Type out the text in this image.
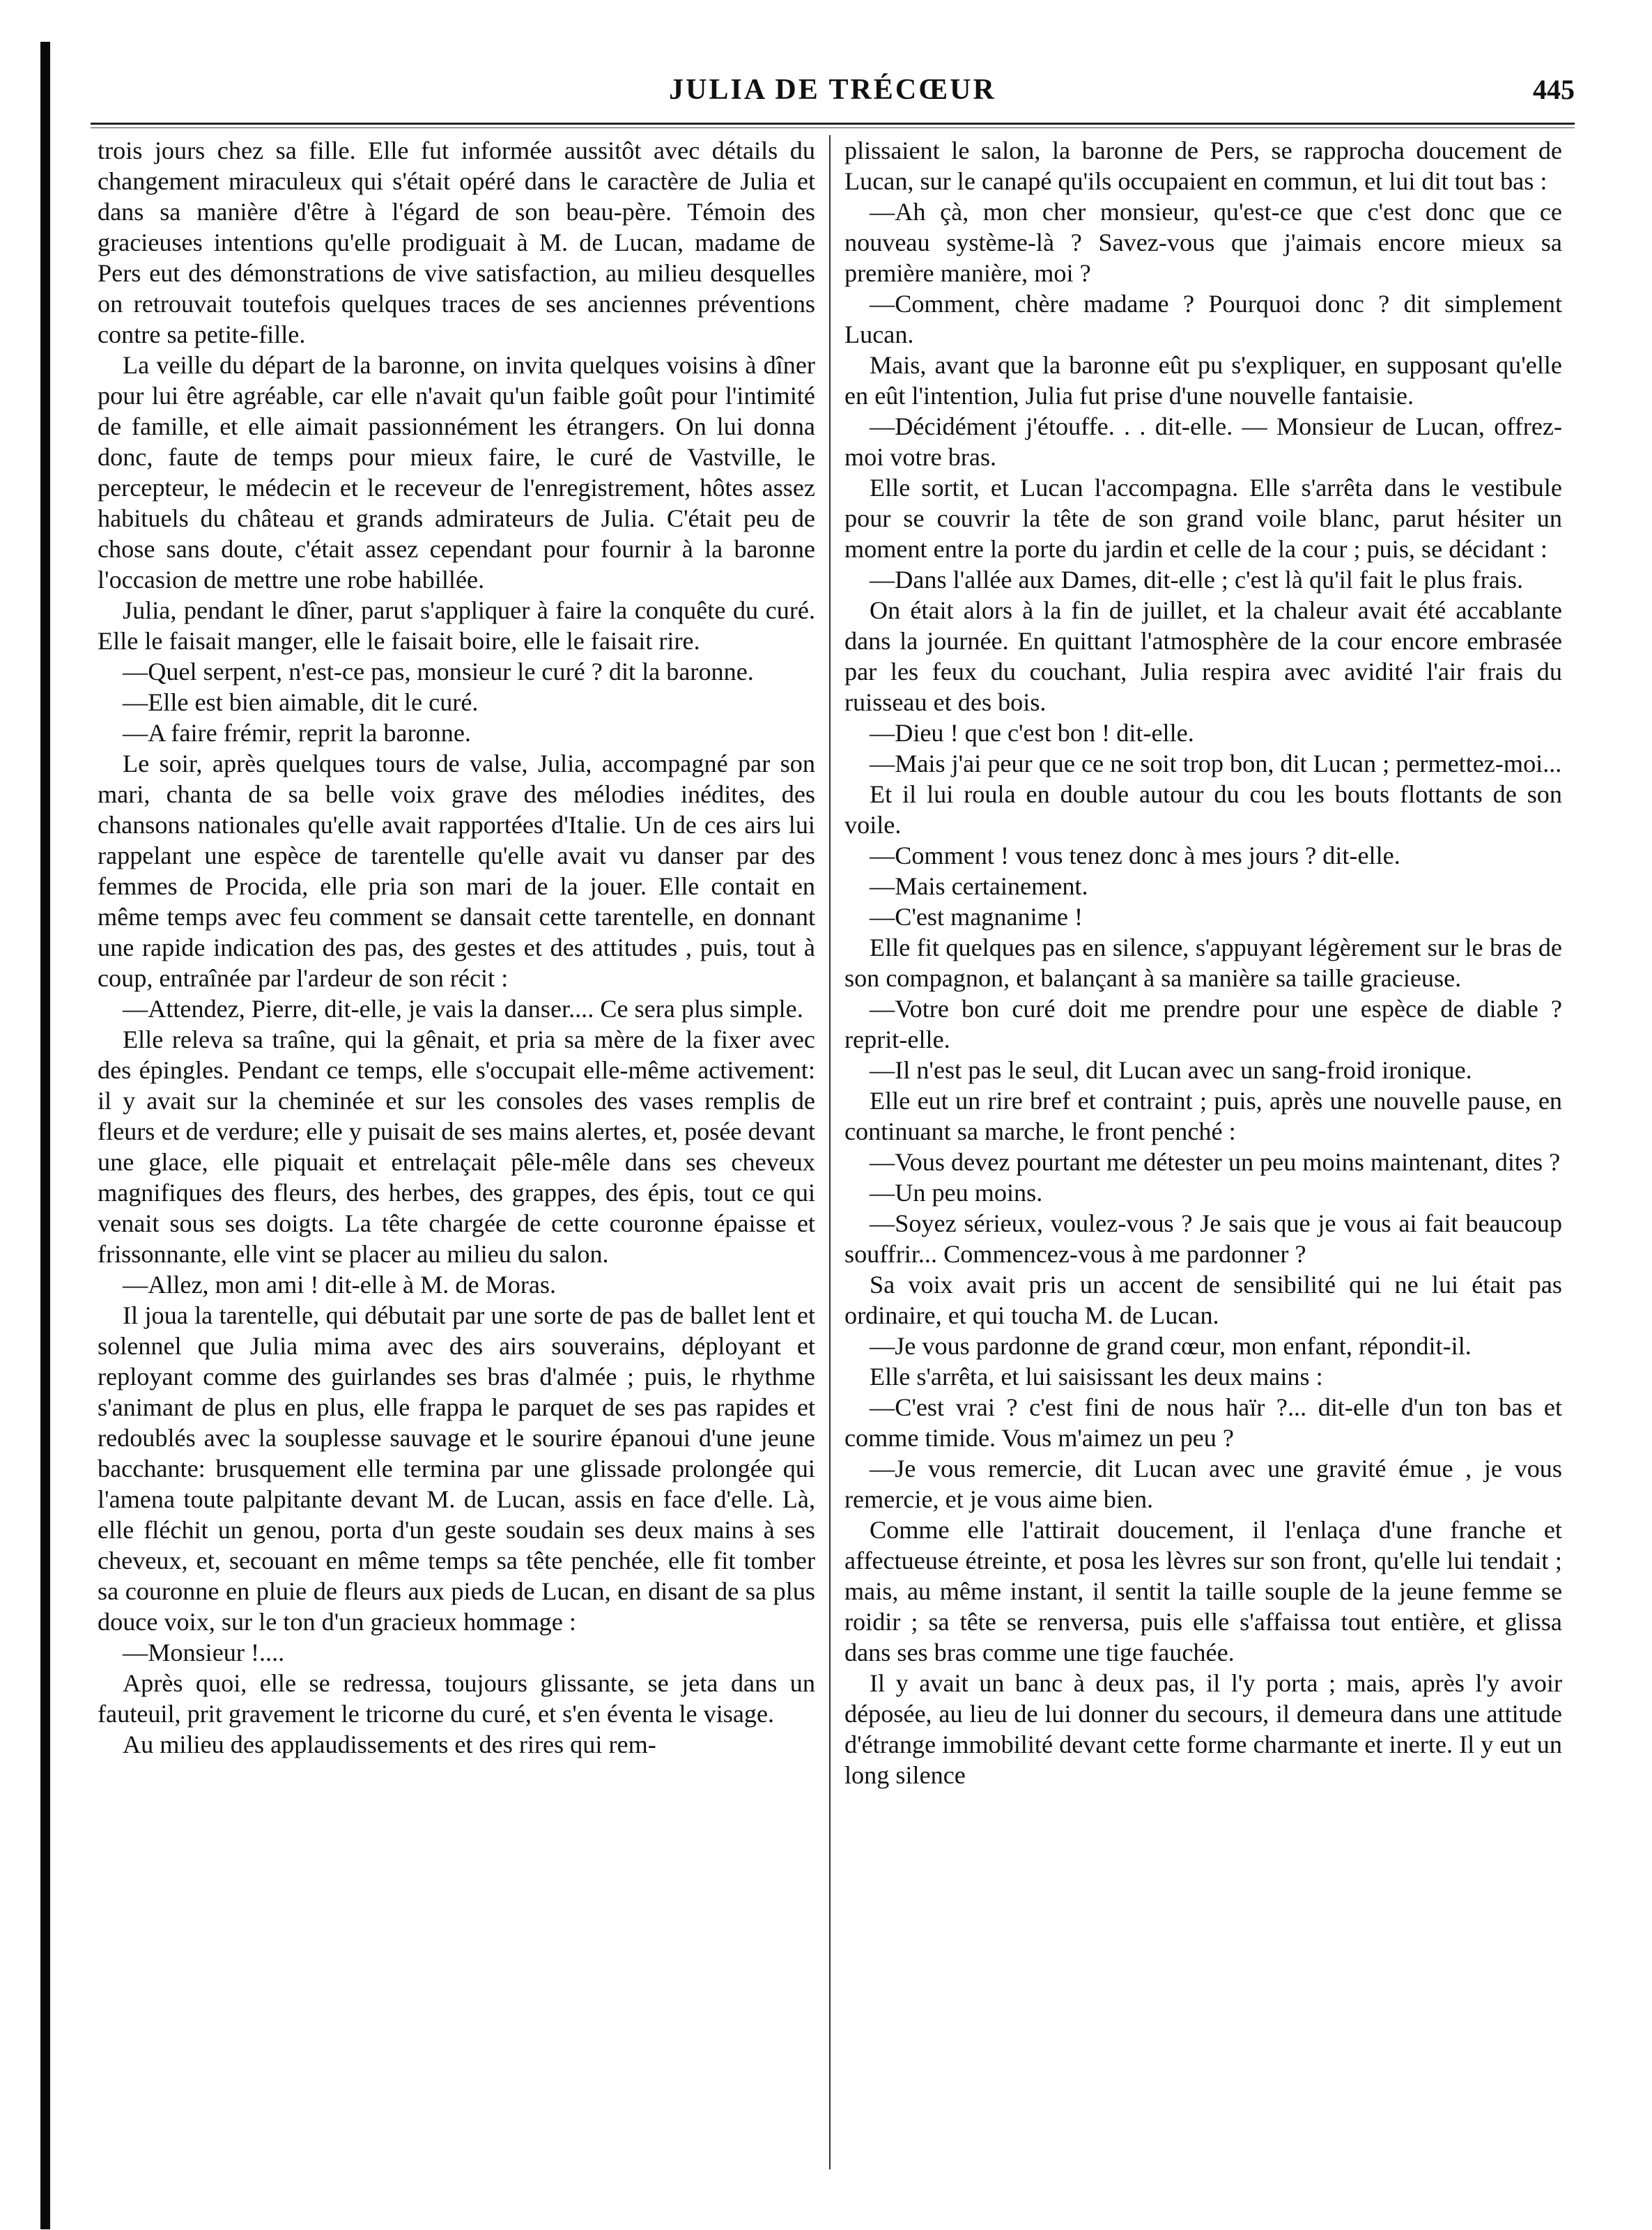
JULIA DE TRÉCŒUR	445

trois jours chez sa fille. Elle fut informée aussitôt avec détails du changement miraculeux qui s'était opéré dans le caractère de Julia et dans sa manière d'être à l'égard de son beau-père. Témoin des gracieuses intentions qu'elle prodiguait à M. de Lucan, madame de Pers eut des démonstrations de vive satisfaction, au milieu desquelles on retrouvait toutefois quelques traces de ses anciennes préventions contre sa petite-fille.

La veille du départ de la baronne, on invita quelques voisins à dîner pour lui être agréable, car elle n'avait qu'un faible goût pour l'intimité de famille, et elle aimait passionnément les étrangers. On lui donna donc, faute de temps pour mieux faire, le curé de Vastville, le percepteur, le médecin et le receveur de l'enregistrement, hôtes assez habituels du château et grands admirateurs de Julia. C'était peu de chose sans doute, c'était assez cependant pour fournir à la baronne l'occasion de mettre une robe habillée.

Julia, pendant le dîner, parut s'appliquer à faire la conquête du curé. Elle le faisait manger, elle le faisait boire, elle le faisait rire.

—Quel serpent, n'est-ce pas, monsieur le curé ? dit la baronne.

—Elle est bien aimable, dit le curé.

—A faire frémir, reprit la baronne.

Le soir, après quelques tours de valse, Julia, accompagné par son mari, chanta de sa belle voix grave des mélodies inédites, des chansons nationales qu'elle avait rapportées d'Italie. Un de ces airs lui rappelant une espèce de tarentelle qu'elle avait vu danser par des femmes de Procida, elle pria son mari de la jouer. Elle contait en même temps avec feu comment se dansait cette tarentelle, en donnant une rapide indication des pas, des gestes et des attitudes , puis, tout à coup, entraînée par l'ardeur de son récit :

—Attendez, Pierre, dit-elle, je vais la danser.... Ce sera plus simple.

Elle releva sa traîne, qui la gênait, et pria sa mère de la fixer avec des épingles. Pendant ce temps, elle s'occupait elle-même activement: il y avait sur la cheminée et sur les consoles des vases remplis de fleurs et de verdure; elle y puisait de ses mains alertes, et, posée devant une glace, elle piquait et entrelaçait pêle-mêle dans ses cheveux magnifiques des fleurs, des herbes, des grappes, des épis, tout ce qui venait sous ses doigts. La tête chargée de cette couronne épaisse et frissonnante, elle vint se placer au milieu du salon.

—Allez, mon ami ! dit-elle à M. de Moras.

Il joua la tarentelle, qui débutait par une sorte de pas de ballet lent et solennel que Julia mima avec des airs souverains, déployant et reployant comme des guirlandes ses bras d'almée ; puis, le rhythme s'animant de plus en plus, elle frappa le parquet de ses pas rapides et redoublés avec la souplesse sauvage et le sourire épanoui d'une jeune bacchante: brusquement elle termina par une glissade prolongée qui l'amena toute palpitante devant M. de Lucan, assis en face d'elle. Là, elle fléchit un genou, porta d'un geste soudain ses deux mains à ses cheveux, et, secouant en même temps sa tête penchée, elle fit tomber sa couronne en pluie de fleurs aux pieds de Lucan, en disant de sa plus douce voix, sur le ton d'un gracieux hommage :

—Monsieur !....

Après quoi, elle se redressa, toujours glissante, se jeta dans un fauteuil, prit gravement le tricorne du curé, et s'en éventa le visage.

Au milieu des applaudissements et des rires qui rem-

plissaient le salon, la baronne de Pers, se rapprocha doucement de Lucan, sur le canapé qu'ils occupaient en commun, et lui dit tout bas :

—Ah çà, mon cher monsieur, qu'est-ce que c'est donc que ce nouveau système-là ? Savez-vous que j'aimais encore mieux sa première manière, moi ?

—Comment, chère madame ? Pourquoi donc ? dit simplement Lucan.

Mais, avant que la baronne eût pu s'expliquer, en supposant qu'elle en eût l'intention, Julia fut prise d'une nouvelle fantaisie.

—Décidément j'étouffe. . . dit-elle. — Monsieur de Lucan, offrez-moi votre bras.

Elle sortit, et Lucan l'accompagna. Elle s'arrêta dans le vestibule pour se couvrir la tête de son grand voile blanc, parut hésiter un moment entre la porte du jardin et celle de la cour ; puis, se décidant :

—Dans l'allée aux Dames, dit-elle ; c'est là qu'il fait le plus frais.

On était alors à la fin de juillet, et la chaleur avait été accablante dans la journée. En quittant l'atmosphère de la cour encore embrasée par les feux du couchant, Julia respira avec avidité l'air frais du ruisseau et des bois.

—Dieu ! que c'est bon ! dit-elle.

—Mais j'ai peur que ce ne soit trop bon, dit Lucan ; permettez-moi...

Et il lui roula en double autour du cou les bouts flottants de son voile.

—Comment ! vous tenez donc à mes jours ? dit-elle.

—Mais certainement.

—C'est magnanime !

Elle fit quelques pas en silence, s'appuyant légèrement sur le bras de son compagnon, et balançant à sa manière sa taille gracieuse.

—Votre bon curé doit me prendre pour une espèce de diable ? reprit-elle.

—Il n'est pas le seul, dit Lucan avec un sang-froid ironique.

Elle eut un rire bref et contraint ; puis, après une nouvelle pause, en continuant sa marche, le front penché :

—Vous devez pourtant me détester un peu moins maintenant, dites ?

—Un peu moins.

—Soyez sérieux, voulez-vous ? Je sais que je vous ai fait beaucoup souffrir... Commencez-vous à me pardonner ?

Sa voix avait pris un accent de sensibilité qui ne lui était pas ordinaire, et qui toucha M. de Lucan.

—Je vous pardonne de grand cœur, mon enfant, répondit-il.

Elle s'arrêta, et lui saisissant les deux mains :

—C'est vrai ? c'est fini de nous haïr ?... dit-elle d'un ton bas et comme timide. Vous m'aimez un peu ?

—Je vous remercie, dit Lucan avec une gravité émue , je vous remercie, et je vous aime bien.

Comme elle l'attirait doucement, il l'enlaça d'une franche et affectueuse étreinte, et posa les lèvres sur son front, qu'elle lui tendait ; mais, au même instant, il sentit la taille souple de la jeune femme se roidir ; sa tête se renversa, puis elle s'affaissa tout entière, et glissa dans ses bras comme une tige fauchée.

Il y avait un banc à deux pas, il l'y porta ; mais, après l'y avoir déposée, au lieu de lui donner du secours, il demeura dans une attitude d'étrange immobilité devant cette forme charmante et inerte. Il y eut un long silence
